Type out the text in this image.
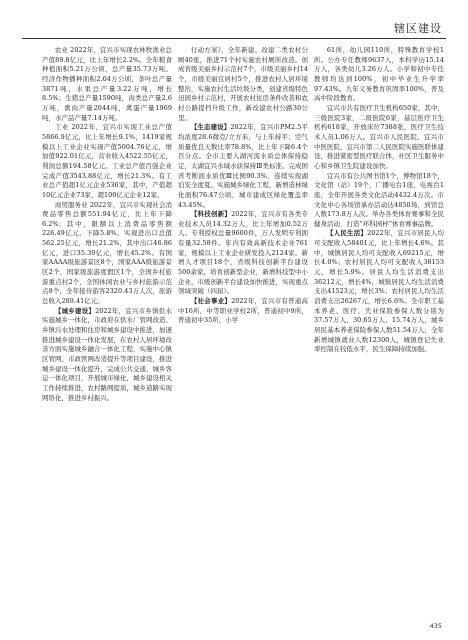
辖区建设

农业 2022年，宜兴市实现农林牧渔业总产值89.8亿元，比上年增长2.2%。全年粮食种植面积5.21万公顷，总产量35.73万吨。经济作物播种面积2.04万公顷，茶叶总产量3871吨，水果总产量3.22万吨，增长8.5%；生猪总产量1590吨，肉类总产量2.6万吨，禽肉产量2044吨，禽蛋产量1969吨，水产品产量7.14万吨。

工业 2022年，宜兴市实现工业总产值5866.9亿元，比上年增长9.1%，1419家规模以上工业企业实现产值5004.76亿元，增加值922.01亿元，营业收入4522.55亿元，利润总额194.58亿元。工业总产值百强企业完成产值3543.88亿元，增长21.3%。有工业总产值超1亿元企业536家，其中，产值超10亿元企业73家，超100亿元企业12家。

商贸服务业 2022年，宜兴市实现社会消费品零售总额551.94亿元，比上年下降6.2%；其中，限额以上消费品零售额226.49亿元，下降5.8%。实现进出口总值562.25亿元，增长21.2%，其中出口46.86亿元，进口35.39亿元，增长45.2%。有国家AAAA级旅游景区8个，国家AAA级旅游景区2个，国家级旅游度假区1个，全国乡村旅游重点村2个，全国休闲农业与乡村旅游示范点8个，全年接待游客2320.43万人次，旅游总收入289.41亿元。

【城乡建设】2022年，宜兴市乡镇供水实施城乡一体化，市政府在供水厂管网改造、乡镇污水处理和住房和城乡建设中推进，加速推进城乡建设一体化发展，在农村人居环境改善方面实施城乡融合一体化工程，实施中心镇区管网、市政管网改造提升等项目建设，推进城乡建设一体化提升，完成公共交通、城乡客运一体化项目，开展城市绿化，城乡建设相关工作持续推进，农村路网提质，城乡道路实现网络化，推进乡村振兴。

行动方案》，全年新建、改建二类农村公厕40座，推进71个村实施农村厕所改造。创成省级美丽乡村示范村7个，市级美丽乡村14个，市级美丽宜居村5个，推进农村人居环境整治，实施农村生活垃圾分类，创建省级特色田园乡村示范村，开展农村住房条件改善和农村公路提档升级工作，新改建农村公路30公里。

【生态建设】2022年，宜兴市PM2.5平均浓度28.6微克/立方米，与上年持平；空气质量优良天数比率78.8%，比上年下降6.4个百分点。全市主要入湖河流水质总体保持稳定，太湖宜兴水域水质保持Ⅲ类标准。完成国省考断面水质优Ⅲ比例90.3%，连续实现湖泊安全度夏。实施城乡绿化工程，新增造林绿化面积76.47公顷，城市建成区绿化覆盖率43.45%。

【科技创新】2022年，宜兴市有各类专业技术人员14.32万人，比上年增加0.52万人。专利授权总量9600件，万人发明专利拥有量32.58件。年内有效高新技术企业761家，规模以上工业企业研发投入2124家。新增人才项目18个，省级科技创新平台建设500余家，培育创新型企业，新增科技型中小企业，市级创新平台建设加快推进，实现重点领域突破（四届）。

【社会事业】2022年，宜兴市有普通高中16所，中等职业学校2所，普通初中9所，普通初中35所，小学

61所，幼儿园110所，特殊教育学校1所。公办专任教师9637人，本科学历15.14万人，各类幼儿3.26万人。小学和初中专任教师均达到100%，初中毕业生升学率97.43%。九年义务教育巩固率100%，普及高中阶段教育。

宜兴市共有医疗卫生机构650家，其中，三级医院3家，二级医院6家，基层医疗卫生机构618家，开放床位7388张，医疗卫生技术人员1.06万人。宜兴市人民医院、宜兴市中医医院、宜兴市第二人民医院实施医联体建设，推进紧密型医疗联合体，社区卫生服务中心和乡镇卫生院建设加快。

宜兴市有公共图书馆1个，博物馆18个，文化馆（站）19个，广播电台1座，电视台1座，全年开展各类文化活动4432.4万次。市文化中心各场馆承办活动达4850场，到馆总人数173.8万人次。举办各类体育赛事和全民健身活动，打造“环科园杯”体育赛事品牌。

【人民生活】2022年，宜兴市居民人均可支配收入58401元，比上年增长4.6%。其中，城镇居民人均可支配收入69215元，增长4.0%；农村居民人均可支配收入38153元，增长5.9%。居民人均生活消费支出36212元，增长4%，城镇居民人均生活消费支出41523元，增长3%；农村居民人均生活消费支出26267元，增长6.6%。全市职工基本养老、医疗、失业保险参保人数分别为37.57万人、30.65万人、15.74万人，城乡居民基本养老保险参保人数51.54万人，全年新增城镇就业人数12300人，城镇登记失业率控制在较低水平，民生保障持续加强。

435
